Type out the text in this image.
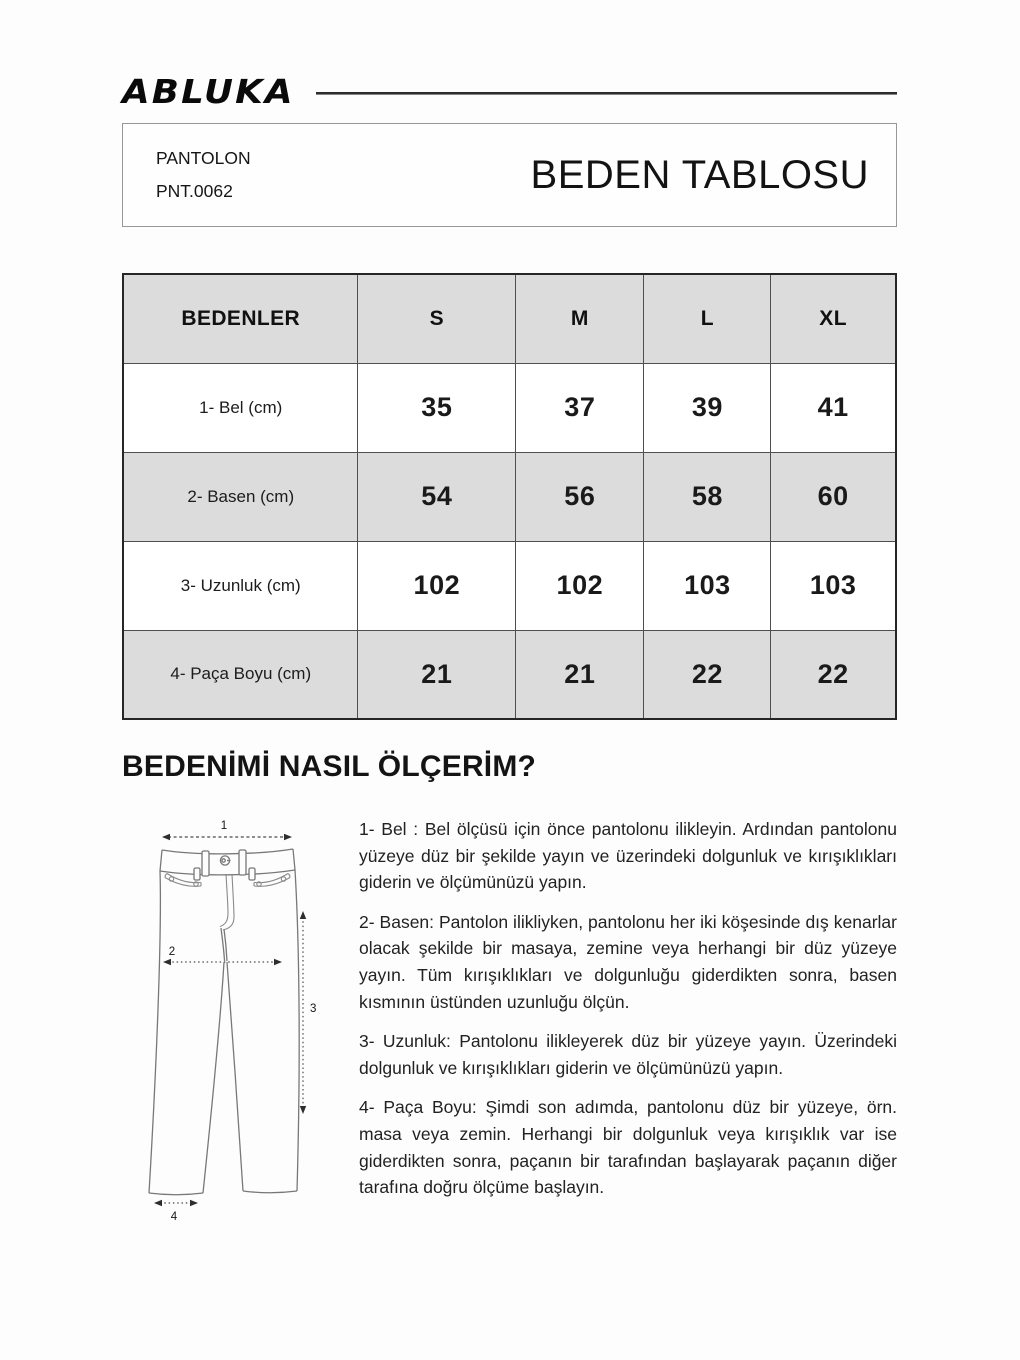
ABLUKA
PANTOLON
PNT.0062	BEDEN TABLOSU
BEDENLER	S	M	L	XL
1- Bel (cm)	35	37	39	41
2- Basen (cm)	54	56	58	60
3- Uzunluk (cm)	102	102	103	103
4- Paça Boyu (cm)	21	21	22	22
BEDENİMİ NASIL ÖLÇERİM?
1
2
3
4

1- Bel : Bel ölçüsü için önce pantolonu ilikleyin. Ardından pantolonu yüzeye düz bir şekilde yayın ve üzerindeki dolgunluk ve kırışıklıkları giderin ve ölçümünüzü yapın.

2- Basen: Pantolon ilikliyken, pantolonu her iki köşesinde dış kenarlar olacak şekilde bir masaya, zemine veya herhangi bir düz yüzeye yayın. Tüm kırışıklıkları ve dolgunluğu giderdikten sonra, basen kısmının üstünden uzunluğu ölçün.

3- Uzunluk: Pantolonu ilikleyerek düz bir yüzeye yayın. Üzerindeki dolgunluk ve kırışıklıkları giderin ve ölçümünüzü yapın.

4- Paça Boyu: Şimdi son adımda, pantolonu düz bir yüzeye, örn. masa veya zemin. Herhangi bir dolgunluk veya kırışıklık var ise giderdikten sonra, paçanın bir tarafından başlayarak paçanın diğer tarafına doğru ölçüme başlayın.
